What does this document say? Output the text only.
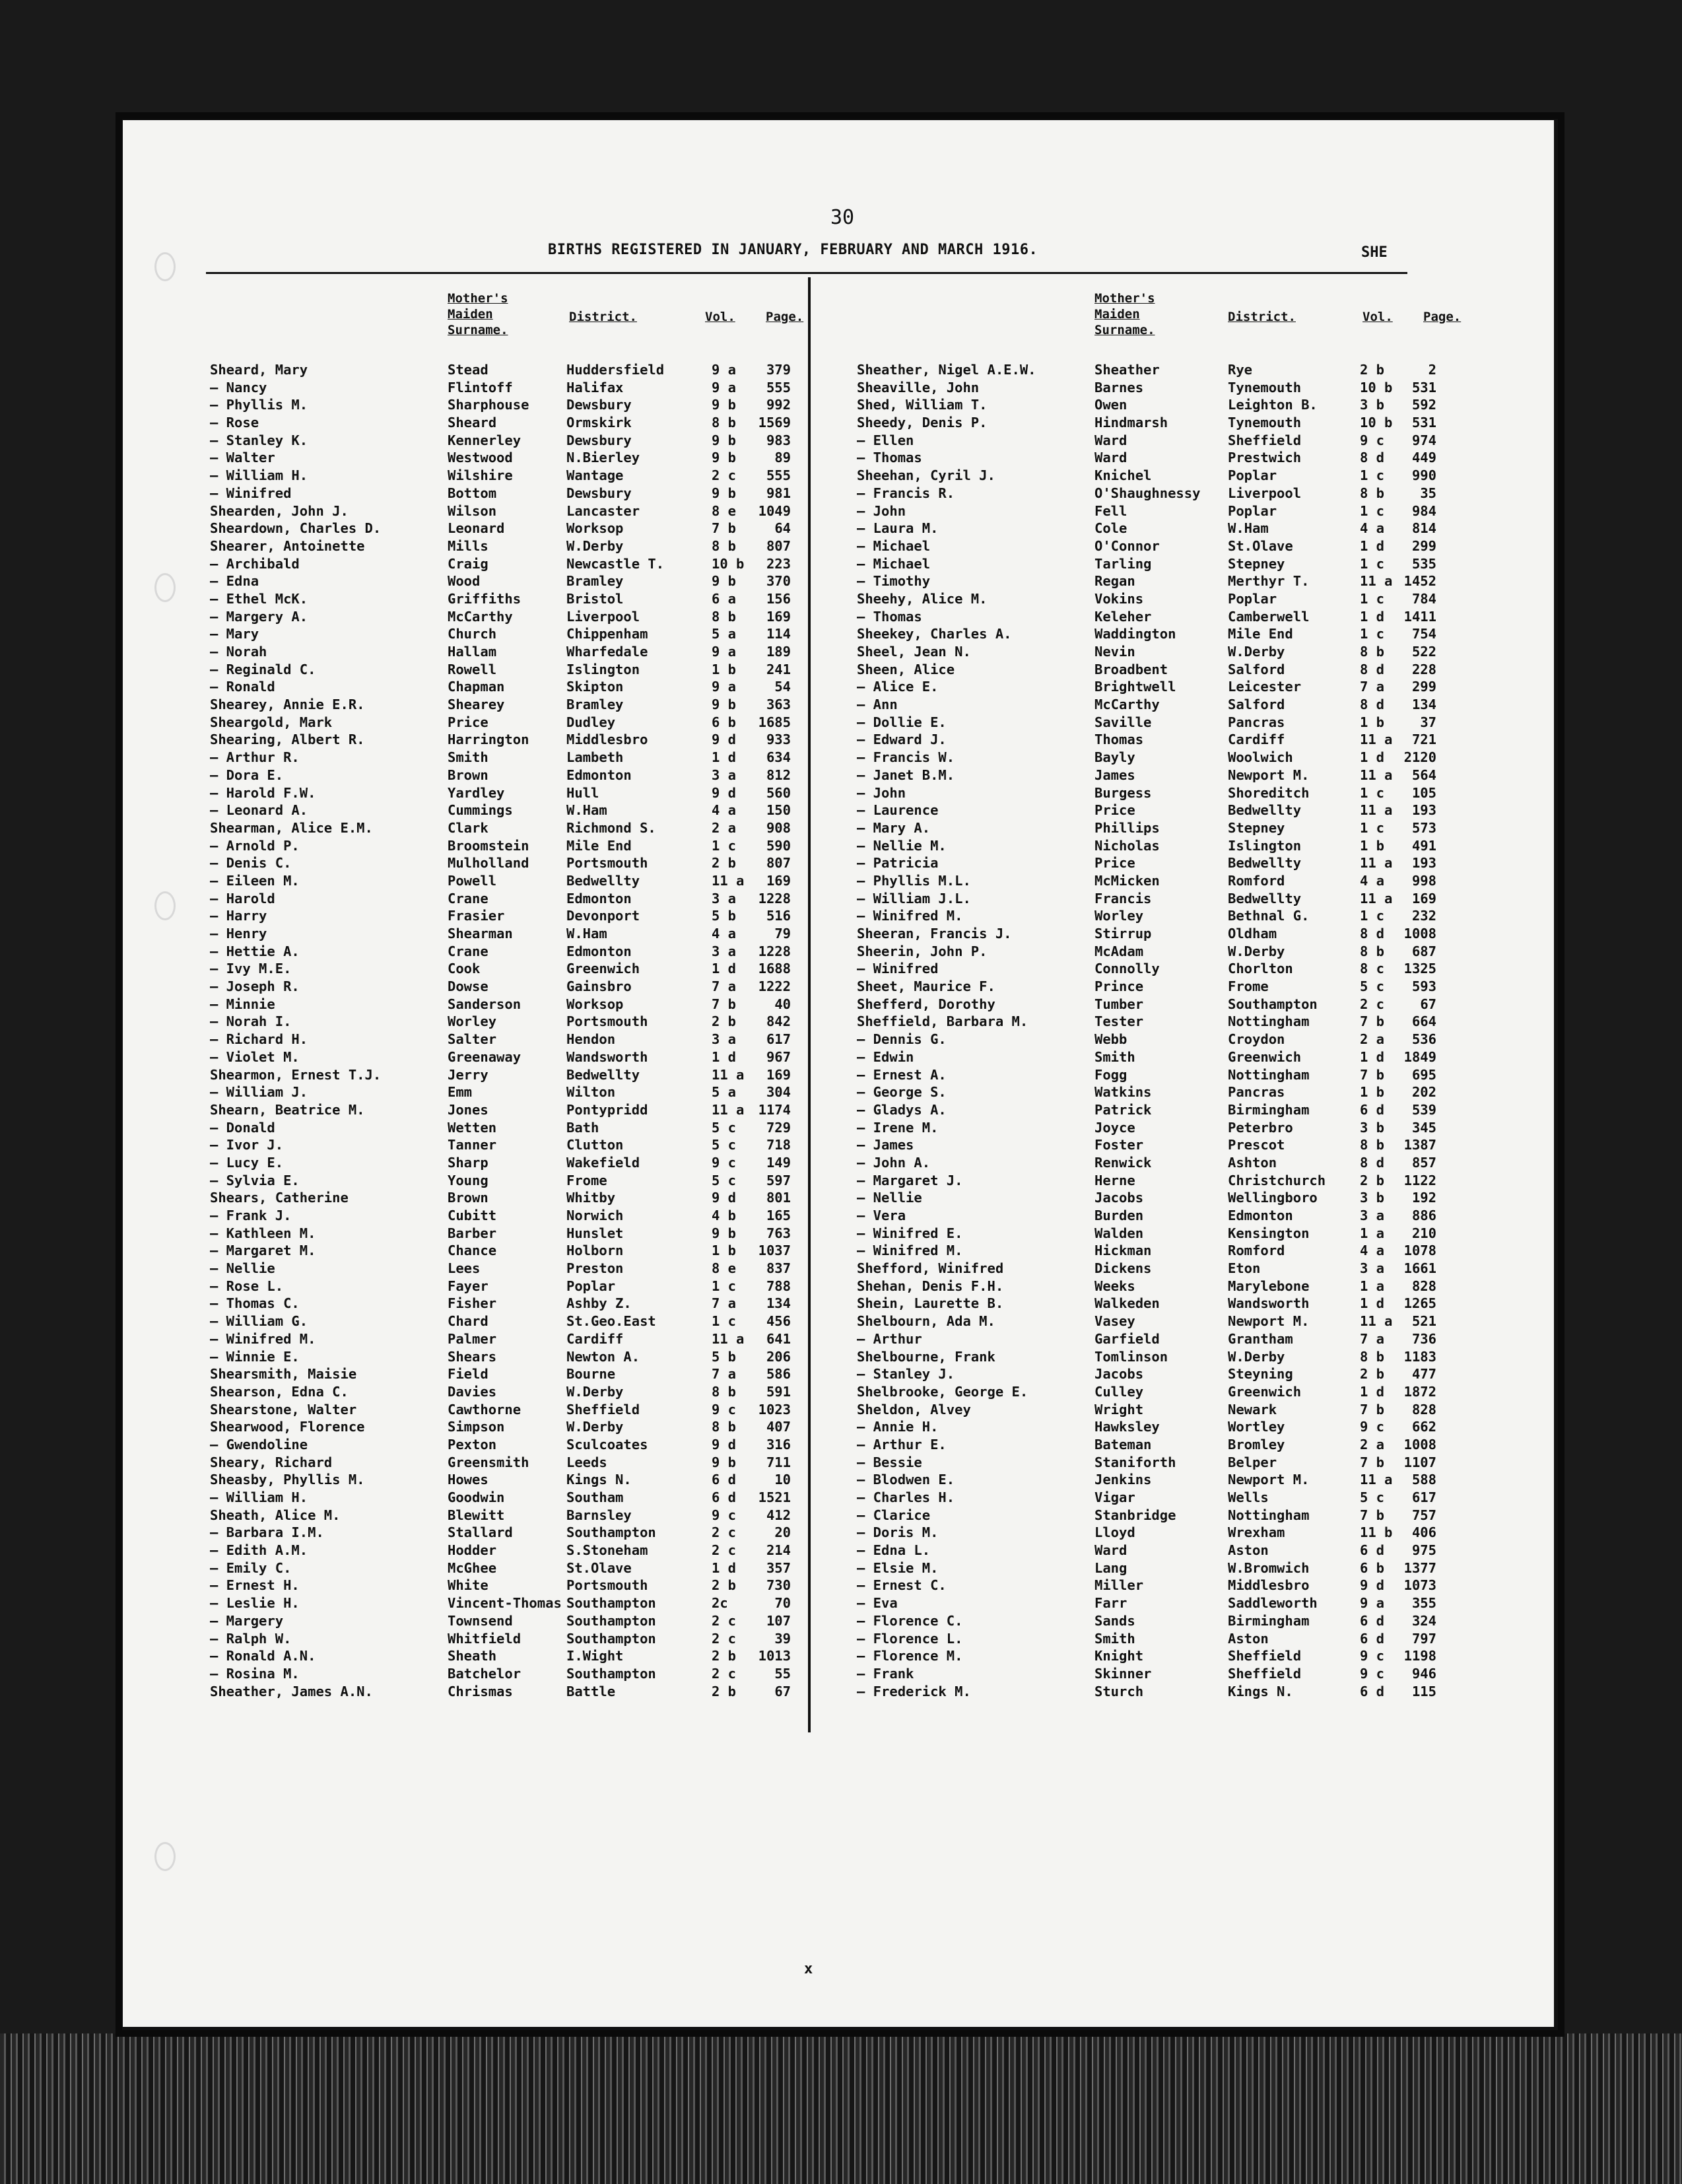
30
BIRTHS REGISTERED IN JANUARY, FEBRUARY AND MARCH 1916.	SHE
Mother's
Maiden
Surname.
District.	Vol. Page.
Mother's
Maiden
Surname.
District.	Vol. Page.
Sheard, Mary	Stead	Huddersfield	9 a 379
— Nancy	Flintoff	Halifax	9 a 555
— Phyllis M.	Sharphouse	Dewsbury	9 b 992
— Rose	Sheard	Ormskirk	8 b 1569
— Stanley K.	Kennerley	Dewsbury	9 b 983
— Walter	Westwood	N.Bierley	9 b	89
— William H.	Wilshire	Wantage	2 c 555
— Winifred	Bottom	Dewsbury	9 b 981
Shearden, John J.	Wilson	Lancaster	8 e 1049
Sheardown, Charles D.	Leonard	Worksop	7 b	64
Shearer, Antoinette	Mills	W.Derby	8 b 807
— Archibald	Craig	Newcastle T.	10 b 223
— Edna	Wood	Bramley	9 b 370
— Ethel McK.	Griffiths	Bristol	6 a 156
— Margery A.	McCarthy	Liverpool	8 b 169
— Mary	Church	Chippenham	5 a 114
— Norah	Hallam	Wharfedale	9 a 189
— Reginald C.	Rowell	Islington	1 b 241
— Ronald	Chapman	Skipton	9 a	54
Shearey, Annie E.R.	Shearey	Bramley	9 b 363
Sheargold, Mark	Price	Dudley	6 b 1685
Shearing, Albert R.	Harrington	Middlesbro	9 d 933
— Arthur R.	Smith	Lambeth	1 d 634
— Dora E.	Brown	Edmonton	3 a 812
— Harold F.W.	Yardley	Hull	9 d 560
— Leonard A.	Cummings	W.Ham	4 a 150
Shearman, Alice E.M.	Clark	Richmond S.	2 a 908
— Arnold P.	Broomstein	Mile End	1 c 590
— Denis C.	Mulholland	Portsmouth	2 b 807
— Eileen M.	Powell	Bedwellty	11 a 169
— Harold	Crane	Edmonton	3 a 1228
— Harry	Frasier	Devonport	5 b 516
— Henry	Shearman	W.Ham	4 a	79
— Hettie A.	Crane	Edmonton	3 a 1228
— Ivy M.E.	Cook	Greenwich	1 d 1688
— Joseph R.	Dowse	Gainsbro	7 a 1222
— Minnie	Sanderson	Worksop	7 b	40
— Norah I.	Worley	Portsmouth	2 b 842
— Richard H.	Salter	Hendon	3 a 617
— Violet M.	Greenaway	Wandsworth	1 d 967
Shearmon, Ernest T.J.	Jerry	Bedwellty	11 a 169
— William J.	Emm	Wilton	5 a 304
Shearn, Beatrice M.	Jones	Pontypridd	11 a 1174
— Donald	Wetten	Bath	5 c 729
— Ivor J.	Tanner	Clutton	5 c 718
— Lucy E.	Sharp	Wakefield	9 c 149
— Sylvia E.	Young	Frome	5 c 597
Shears, Catherine	Brown	Whitby	9 d 801
— Frank J.	Cubitt	Norwich	4 b 165
— Kathleen M.	Barber	Hunslet	9 b 763
— Margaret M.	Chance	Holborn	1 b 1037
— Nellie	Lees	Preston	8 e 837
— Rose L.	Fayer	Poplar	1 c 788
— Thomas C.	Fisher	Ashby Z.	7 a 134
— William G.	Chard	St.Geo.East	1 c 456
— Winifred M.	Palmer	Cardiff	11 a 641
— Winnie E.	Shears	Newton A.	5 b 206
Shearsmith, Maisie	Field	Bourne	7 a 586
Shearson, Edna C.	Davies	W.Derby	8 b 591
Shearstone, Walter	Cawthorne	Sheffield	9 c 1023
Shearwood, Florence	Simpson	W.Derby	8 b 407
— Gwendoline	Pexton	Sculcoates	9 d 316
Sheary, Richard	Greensmith	Leeds	9 b 711
Sheasby, Phyllis M.	Howes	Kings N.	6 d	10
— William H.	Goodwin	Southam	6 d 1521
Sheath, Alice M.	Blewitt	Barnsley	9 c 412
— Barbara I.M.	Stallard	Southampton	2 c	20
— Edith A.M.	Hodder	S.Stoneham	2 c 214
— Emily C.	McGhee	St.Olave	1 d 357
— Ernest H.	White	Portsmouth	2 b 730
— Leslie H.	Vincent-Thomas Southampton	2c	70
— Margery	Townsend	Southampton	2 c 107
— Ralph W.	Whitfield	Southampton	2 c	39
— Ronald A.N.	Sheath	I.Wight	2 b 1013
— Rosina M.	Batchelor	Southampton	2 c	55
Sheather, James A.N.	Chrismas	Battle	2 b	67
Sheather, Nigel A.E.W.	Sheather	Rye	2 b	2
Sheaville, John	Barnes	Tynemouth	10 b 531
Shed, William T.	Owen	Leighton B.	3 b 592
Sheedy, Denis P.	Hindmarsh	Tynemouth	10 b 531
— Ellen	Ward	Sheffield	9 c 974
— Thomas	Ward	Prestwich	8 d 449
Sheehan, Cyril J.	Knichel	Poplar	1 c 990
— Francis R.	O'Shaughnessy Liverpool	8 b	35
— John	Fell	Poplar	1 c 984
— Laura M.	Cole	W.Ham	4 a 814
— Michael	O'Connor	St.Olave	1 d 299
— Michael	Tarling	Stepney	1 c 535
— Timothy	Regan	Merthyr T.	11 a 1452
Sheehy, Alice M.	Vokins	Poplar	1 c 784
— Thomas	Keleher	Camberwell	1 d 1411
Sheekey, Charles A.	Waddington	Mile End	1 c 754
Sheel, Jean N.	Nevin	W.Derby	8 b 522
Sheen, Alice	Broadbent	Salford	8 d 228
— Alice E.	Brightwell	Leicester	7 a 299
— Ann	McCarthy	Salford	8 d 134
— Dollie E.	Saville	Pancras	1 b	37
— Edward J.	Thomas	Cardiff	11 a 721
— Francis W.	Bayly	Woolwich	1 d 2120
— Janet B.M.	James	Newport M.	11 a 564
— John	Burgess	Shoreditch	1 c 105
— Laurence	Price	Bedwellty	11 a 193
— Mary A.	Phillips	Stepney	1 c 573
— Nellie M.	Nicholas	Islington	1 b 491
— Patricia	Price	Bedwellty	11 a 193
— Phyllis M.L.	McMicken	Romford	4 a 998
— William J.L.	Francis	Bedwellty	11 a 169
— Winifred M.	Worley	Bethnal G.	1 c 232
Sheeran, Francis J.	Stirrup	Oldham	8 d 1008
Sheerin, John P.	McAdam	W.Derby	8 b 687
— Winifred	Connolly	Chorlton	8 c 1325
Sheet, Maurice F.	Prince	Frome	5 c 593
Shefferd, Dorothy	Tumber	Southampton	2 c	67
Sheffield, Barbara M.	Tester	Nottingham	7 b 664
— Dennis G.	Webb	Croydon	2 a 536
— Edwin	Smith	Greenwich	1 d 1849
— Ernest A.	Fogg	Nottingham	7 b 695
— George S.	Watkins	Pancras	1 b 202
— Gladys A.	Patrick	Birmingham	6 d 539
— Irene M.	Joyce	Peterbro	3 b 345
— James	Foster	Prescot	8 b 1387
— John A.	Renwick	Ashton	8 d 857
— Margaret J.	Herne	Christchurch	2 b 1122
— Nellie	Jacobs	Wellingboro	3 b 192
— Vera	Burden	Edmonton	3 a 886
— Winifred E.	Walden	Kensington	1 a 210
— Winifred M.	Hickman	Romford	4 a 1078
Shefford, Winifred	Dickens	Eton	3 a 1661
Shehan, Denis F.H.	Weeks	Marylebone	1 a 828
Shein, Laurette B.	Walkeden	Wandsworth	1 d 1265
Shelbourn, Ada M.	Vasey	Newport M.	11 a 521
— Arthur	Garfield	Grantham	7 a 736
Shelbourne, Frank	Tomlinson	W.Derby	8 b 1183
— Stanley J.	Jacobs	Steyning	2 b 477
Shelbrooke, George E.	Culley	Greenwich	1 d 1872
Sheldon, Alvey	Wright	Newark	7 b 828
— Annie H.	Hawksley	Wortley	9 c 662
— Arthur E.	Bateman	Bromley	2 a 1008
— Bessie	Staniforth	Belper	7 b 1107
— Blodwen E.	Jenkins	Newport M.	11 a 588
— Charles H.	Vigar	Wells	5 c 617
— Clarice	Stanbridge	Nottingham	7 b 757
— Doris M.	Lloyd	Wrexham	11 b 406
— Edna L.	Ward	Aston	6 d 975
— Elsie M.	Lang	W.Bromwich	6 b 1377
— Ernest C.	Miller	Middlesbro	9 d 1073
— Eva	Farr	Saddleworth	9 a 355
— Florence C.	Sands	Birmingham	6 d 324
— Florence L.	Smith	Aston	6 d 797
— Florence M.	Knight	Sheffield	9 c 1198
— Frank	Skinner	Sheffield	9 c 946
— Frederick M.	Sturch	Kings N.	6 d 115
x
